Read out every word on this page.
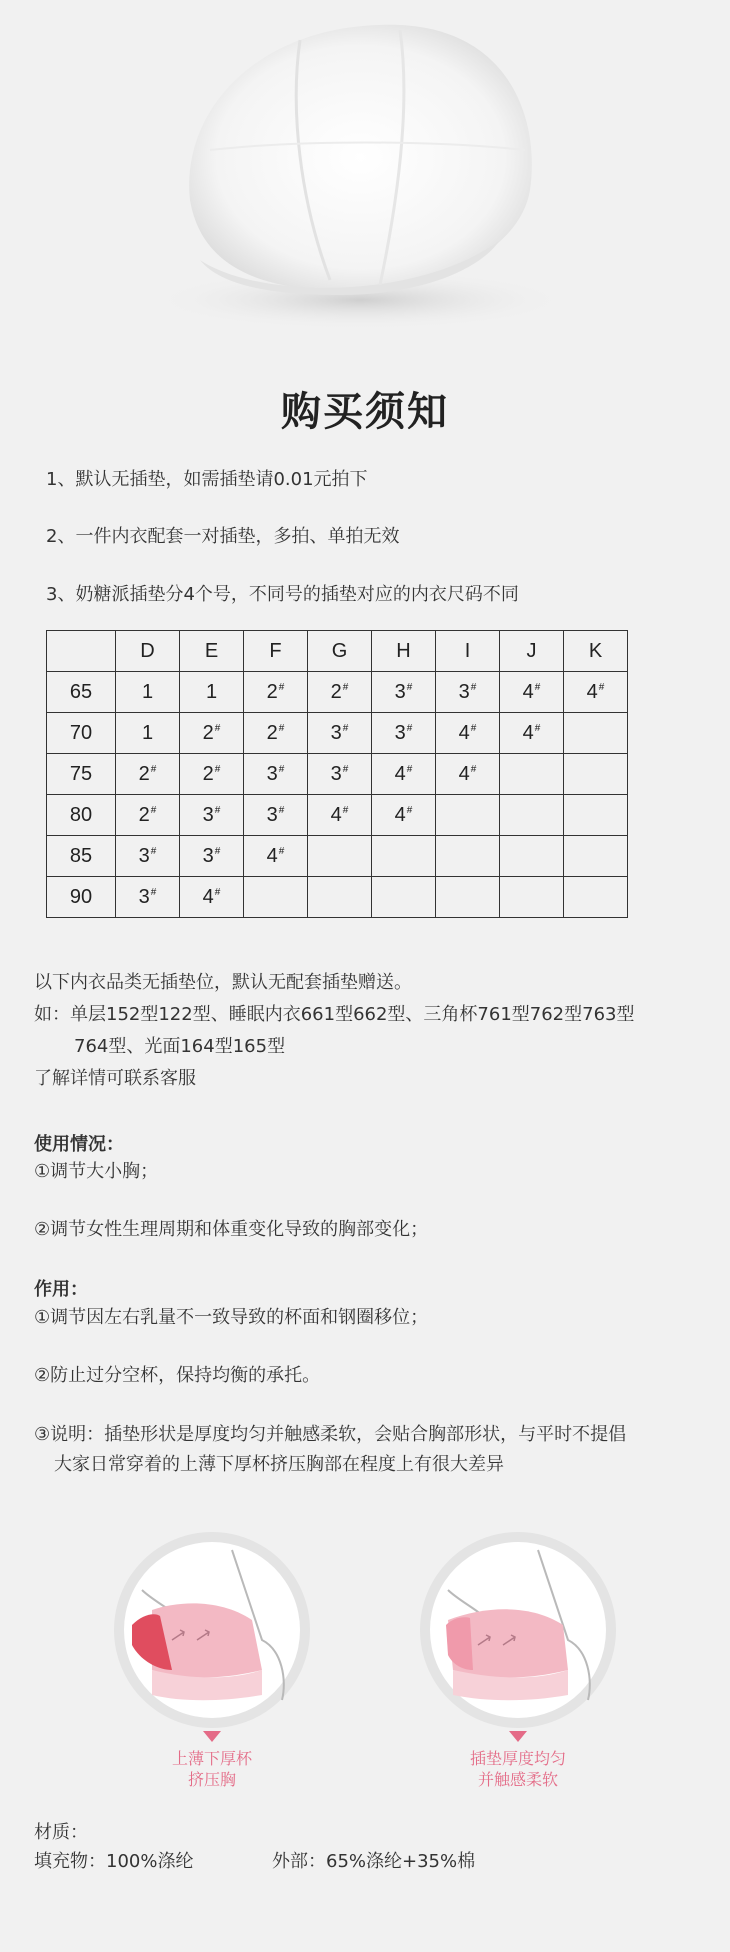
购买须知
1、默认无插垫，如需插垫请0.01元拍下
2、一件内衣配套一对插垫，多拍、单拍无效
3、奶糖派插垫分4个号，不同号的插垫对应的内衣尺码不同
	D	E	F	G	H	I	J	K
65	1	1	2#	2#	3#	3#	4#	4#
70	1	2#	2#	3#	3#	4#	4#	
75	2#	2#	3#	3#	4#	4#		
80	2#	3#	3#	4#	4#			
85	3#	3#	4#					
90	3#	4#						
以下内衣品类无插垫位，默认无配套插垫赠送。
如：单层152型122型、睡眠内衣661型662型、三角杯761型762型763型
764型、光面164型165型
了解详情可联系客服
使用情况：
①调节大小胸；
②调节女性生理周期和体重变化导致的胸部变化；
作用：
①调节因左右乳量不一致导致的杯面和钢圈移位；
②防止过分空杯，保持均衡的承托。
③说明：插垫形状是厚度均匀并触感柔软，会贴合胸部形状，与平时不提倡
大家日常穿着的上薄下厚杯挤压胸部在程度上有很大差异
上薄下厚杯
挤压胸
插垫厚度均匀
并触感柔软
材质：
填充物：100%涤纶	外部：65%涤纶+35%棉
